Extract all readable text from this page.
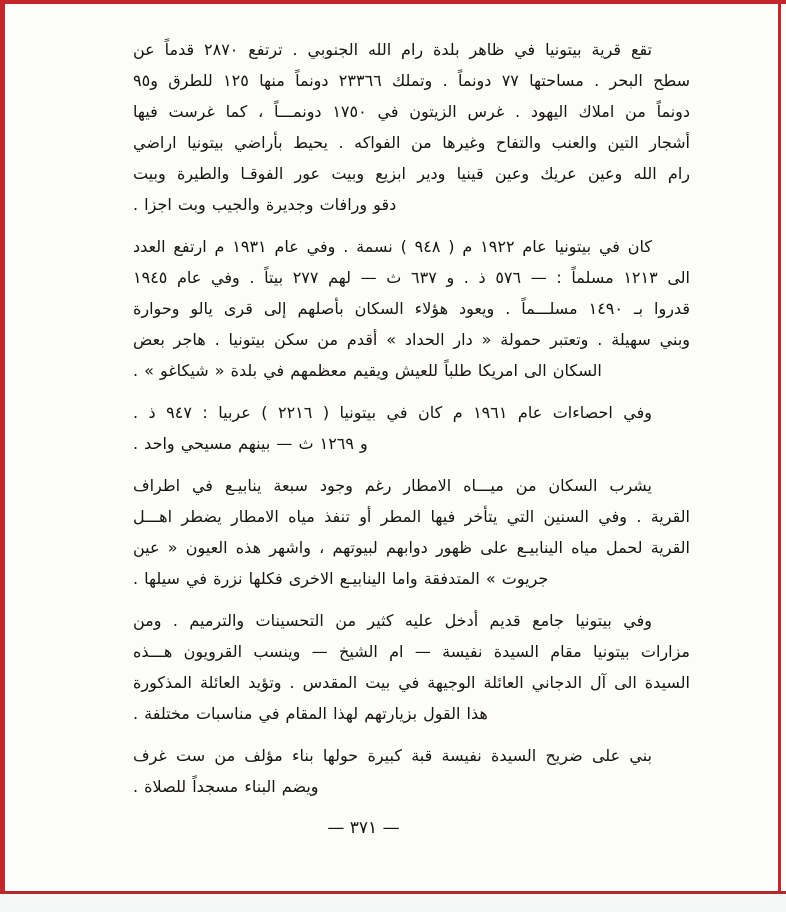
تقع قرية بيتونيا في ظاهر بلدة رام الله الجنوبي . ترتفع ٢٨٧٠ قدماً عن
سطح البحر . مساحتها ٧٧ دونماً . وتملك ٢٣٣٦٦ دونماً منها ١٢٥ للطرق و٩٥
دونماً من املاك اليهود . غرس الزيتون في ١٧٥٠ دونمـــاً ، كما غرست فيها
أشجار التين والعنب والتفاح وغيرها من الفواكه . يحيط بأراضي بيتونيا اراضي
رام الله وعين عريك وعين قينيا ودير ابزيع وبيت عور الفوقـا والطيرة وبيت
دقو ورافات وجديرة والجيب وبت اجزا .
كان في بيتونيا عام ١٩٢٢ م ( ٩٤٨ ) نسمة . وفي عام ١٩٣١ م ارتفع العدد
الى ١٢١٣ مسلماً : — ٥٧٦ ذ . و ٦٣٧ ث — لهم ٢٧٧ بيتاً . وفي عام ١٩٤٥
قدروا بـ ١٤٩٠ مسلـــماً . ويعود هؤلاء السكان بأصلهم إلى قرى يالو وحوارة
وبني سهيلة . وتعتبر حمولة « دار الحداد » أقدم من سكن بيتونيا . هاجر بعض
السكان الى امريكا طلباً للعيش ويقيم معظمهم في بلدة « شيكاغو » .
وفي احصاءات عام ١٩٦١ م كان في بيتونيا ( ٢٢١٦ ) عربيا : ٩٤٧ ذ .
و ١٢٦٩ ث — بينهم مسيحي واحد .
يشرب السكان من ميـــاه الامطار رغم وجود سبعة ينابيـع في اطراف
القرية . وفي السنين التي يتأخر فيها المطر أو تنفذ مياه الامطار يضطر اهـــل
القرية لحمل مياه الينابيـع على ظهور دوابهم لبيوتهم ، واشهر هذه العيون « عين
جريوت » المتدفقة واما الينابيـع الاخرى فكلها نزرة في سيلها .
وفي بيتونيا جامع قديم أدخل عليه كثير من التحسينات والترميم . ومن
مزارات بيتونيا مقام السيدة نفيسة — ام الشيخ — وينسب القرويون هـــذه
السيدة الى آل الدجاني العائلة الوجيهة في بيت المقدس . وتؤيد العائلة المذكورة
هذا القول بزيارتهم لهذا المقام في مناسبات مختلفة .
بني على ضريح السيدة نفيسة قبة كبيرة حولها بناء مؤلف من ست غرف
ويضم البناء مسجداً للصلاة .
— ٣٧١ —
